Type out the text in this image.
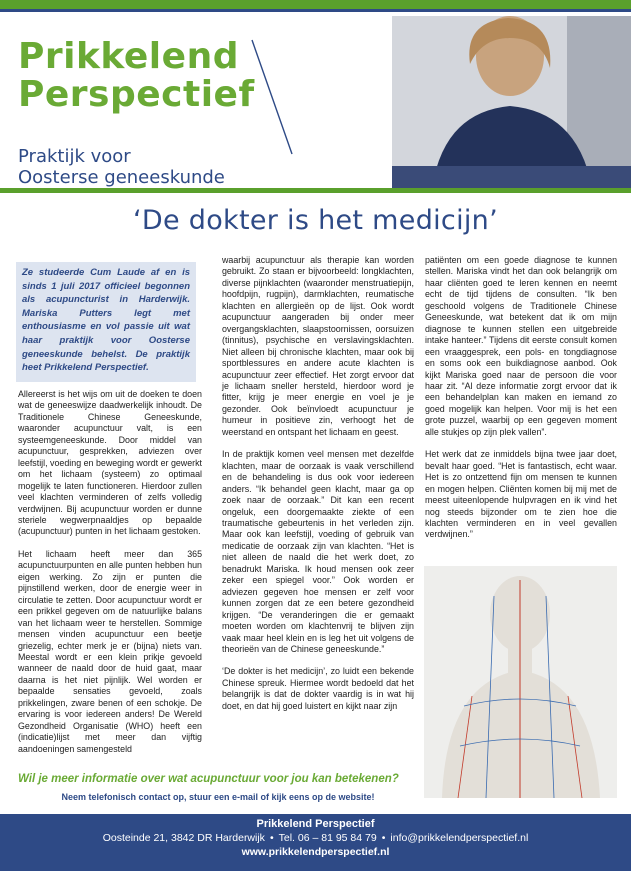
Prikkelend
Perspectief
Praktijk voor
Oosterse geneeskunde
‘De dokter is het medicijn’

Ze studeerde Cum Laude af en is sinds 1 juli 2017 officieel begonnen als acupuncturist in Harderwijk. Mariska Putters legt met enthousiasme en vol passie uit wat haar praktijk voor Oosterse geneeskunde behelst. De praktijk heet Prikkelend Perspectief.

Allereerst is het wijs om uit de doeken te doen wat de geneeswijze daadwerkelijk inhoudt. De Traditionele Chinese Geneeskunde, waaronder acupunctuur valt, is een systeemgeneeskunde. Door middel van acupunctuur, gesprekken, adviezen over leefstijl, voeding en beweging wordt er gewerkt om het lichaam (systeem) zo optimaal mogelijk te laten functioneren. Hierdoor zullen veel klachten verminderen of zelfs volledig verdwijnen. Bij acupunctuur worden er dunne steriele wegwerpnaaldjes op bepaalde (acupunctuur) punten in het lichaam gestoken.

Het lichaam heeft meer dan 365 acupunctuurpunten en alle punten hebben hun eigen werking. Zo zijn er punten die pijnstillend werken, door de energie weer in circulatie te zetten. Door acupunctuur wordt er een prikkel gegeven om de natuurlijke balans van het lichaam weer te herstellen. Sommige mensen vinden acupunctuur een beetje griezelig, echter merk je er (bijna) niets van. Meestal wordt er een klein prikje gevoeld wanneer de naald door de huid gaat, maar daarna is het niet pijnlijk. Wel worden er bepaalde sensaties gevoeld, zoals prikkelingen, zware benen of een schokje. De ervaring is voor iedereen anders! De Wereld Gezondheid Organisatie (WHO) heeft een (indicatie)lijst met meer dan vijftig aandoeningen samengesteld

waarbij acupunctuur als therapie kan worden gebruikt. Zo staan er bijvoorbeeld: longklachten, diverse pijnklachten (waaronder menstruatiepijn, hoofdpijn, rugpijn), darmklachten, reumatische klachten en allergieën op de lijst. Ook wordt acupunctuur aangeraden bij onder meer overgangsklachten, slaapstoornissen, oorsuizen (tinnitus), psychische en verslavingsklachten. Niet alleen bij chronische klachten, maar ook bij sportblessures en andere acute klachten is acupunctuur zeer effectief. Het zorgt ervoor dat je lichaam sneller hersteld, hierdoor word je fitter, krijg je meer energie en voel je je gezonder. Ook beïnvloedt acupunctuur je humeur in positieve zin, verhoogt het de weerstand en ontspant het lichaam en geest.

In de praktijk komen veel mensen met dezelfde klachten, maar de oorzaak is vaak verschillend en de behandeling is dus ook voor iedereen anders. “Ik behandel geen klacht, maar ga op zoek naar de oorzaak.” Dit kan een recent ongeluk, een doorgemaakte ziekte of een traumatische gebeurtenis in het verleden zijn. Maar ook kan leefstijl, voeding of gebruik van medicatie de oorzaak zijn van klachten. “Het is niet alleen de naald die het werk doet, zo benadrukt Mariska. Ik houd mensen ook zeer zeker een spiegel voor.” Ook worden er adviezen gegeven hoe mensen er zelf voor kunnen zorgen dat ze een betere gezondheid krijgen. “De veranderingen die er gemaakt moeten worden om klachtenvrij te blijven zijn vaak maar heel klein en is leg het uit volgens de theorieën van de Chinese geneeskunde.”

‘De dokter is het medicijn’, zo luidt een bekende Chinese spreuk. Hiermee wordt bedoeld dat het belangrijk is dat de dokter vaardig is in wat hij doet, en dat hij goed luistert en kijkt naar zijn

patiënten om een goede diagnose te kunnen stellen. Mariska vindt het dan ook belangrijk om haar cliënten goed te leren kennen en neemt echt de tijd tijdens de consulten. “Ik ben geschoold volgens de Traditionele Chinese Geneeskunde, wat betekent dat ik om mijn diagnose te kunnen stellen een uitgebreide intake hanteer.” Tijdens dit eerste consult komen een vraaggesprek, een pols- en tongdiagnose en soms ook een buikdiagnose aanbod. Ook kijkt Mariska goed naar de persoon die voor haar zit. “Al deze informatie zorgt ervoor dat ik een behandelplan kan maken en iemand zo goed mogelijk kan helpen. Voor mij is het een grote puzzel, waarbij op een gegeven moment alle stukjes op zijn plek vallen”.

Het werk dat ze inmiddels bijna twee jaar doet, bevalt haar goed. “Het is fantastisch, echt waar. Het is zo ontzettend fijn om mensen te kunnen en mogen helpen. Cliënten komen bij mij met de meest uiteenlopende hulpvragen en ik vind het nog steeds bijzonder om te zien hoe die klachten verminderen en in veel gevallen verdwijnen.”

Wil je meer informatie over wat acupunctuur voor jou kan betekenen?
Neem telefonisch contact op, stuur een e-mail of kijk eens op de website!
Prikkelend Perspectief
Oosteinde 21, 3842 DR Harderwijk • Tel. 06 – 81 95 84 79 • info@prikkelendperspectief.nl
www.prikkelendperspectief.nl
